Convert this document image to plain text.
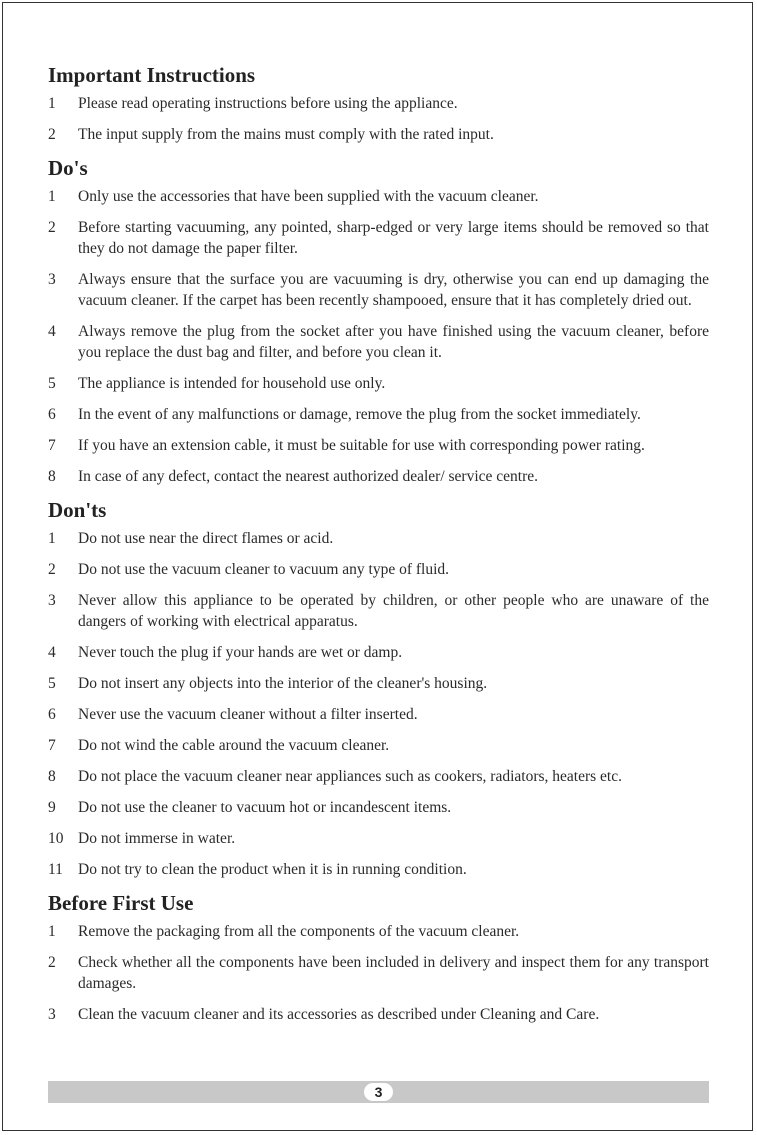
Important Instructions
1 Please read operating instructions before using the appliance.
2 The input supply from the mains must comply with the rated input.
Do's
1 Only use the accessories that have been supplied with the vacuum cleaner.
2 Before starting vacuuming, any pointed, sharp-edged or very large items should be removed so that they do not damage the paper filter.
3 Always ensure that the surface you are vacuuming is dry, otherwise you can end up damaging the vacuum cleaner. If the carpet has been recently shampooed, ensure that it has completely dried out.
4 Always remove the plug from the socket after you have finished using the vacuum cleaner, before you replace the dust bag and filter, and before you clean it.
5 The appliance is intended for household use only.
6 In the event of any malfunctions or damage, remove the plug from the socket immediately.
7 If you have an extension cable, it must be suitable for use with corresponding power rating.
8 In case of any defect, contact the nearest authorized dealer/ service centre.
Don'ts
1 Do not use near the direct flames or acid.
2 Do not use the vacuum cleaner to vacuum any type of fluid.
3 Never allow this appliance to be operated by children, or other people who are unaware of the dangers of working with electrical apparatus.
4 Never touch the plug if your hands are wet or damp.
5 Do not insert any objects into the interior of the cleaner's housing.
6 Never use the vacuum cleaner without a filter inserted.
7 Do not wind the cable around the vacuum cleaner.
8 Do not place the vacuum cleaner near appliances such as cookers, radiators, heaters etc.
9 Do not use the cleaner to vacuum hot or incandescent items.
10 Do not immerse in water.
11 Do not try to clean the product when it is in running condition.
Before First Use
1 Remove the packaging from all the components of the vacuum cleaner.
2 Check whether all the components have been included in delivery and inspect them for any transport damages.
3 Clean the vacuum cleaner and its accessories as described under Cleaning and Care.
3
